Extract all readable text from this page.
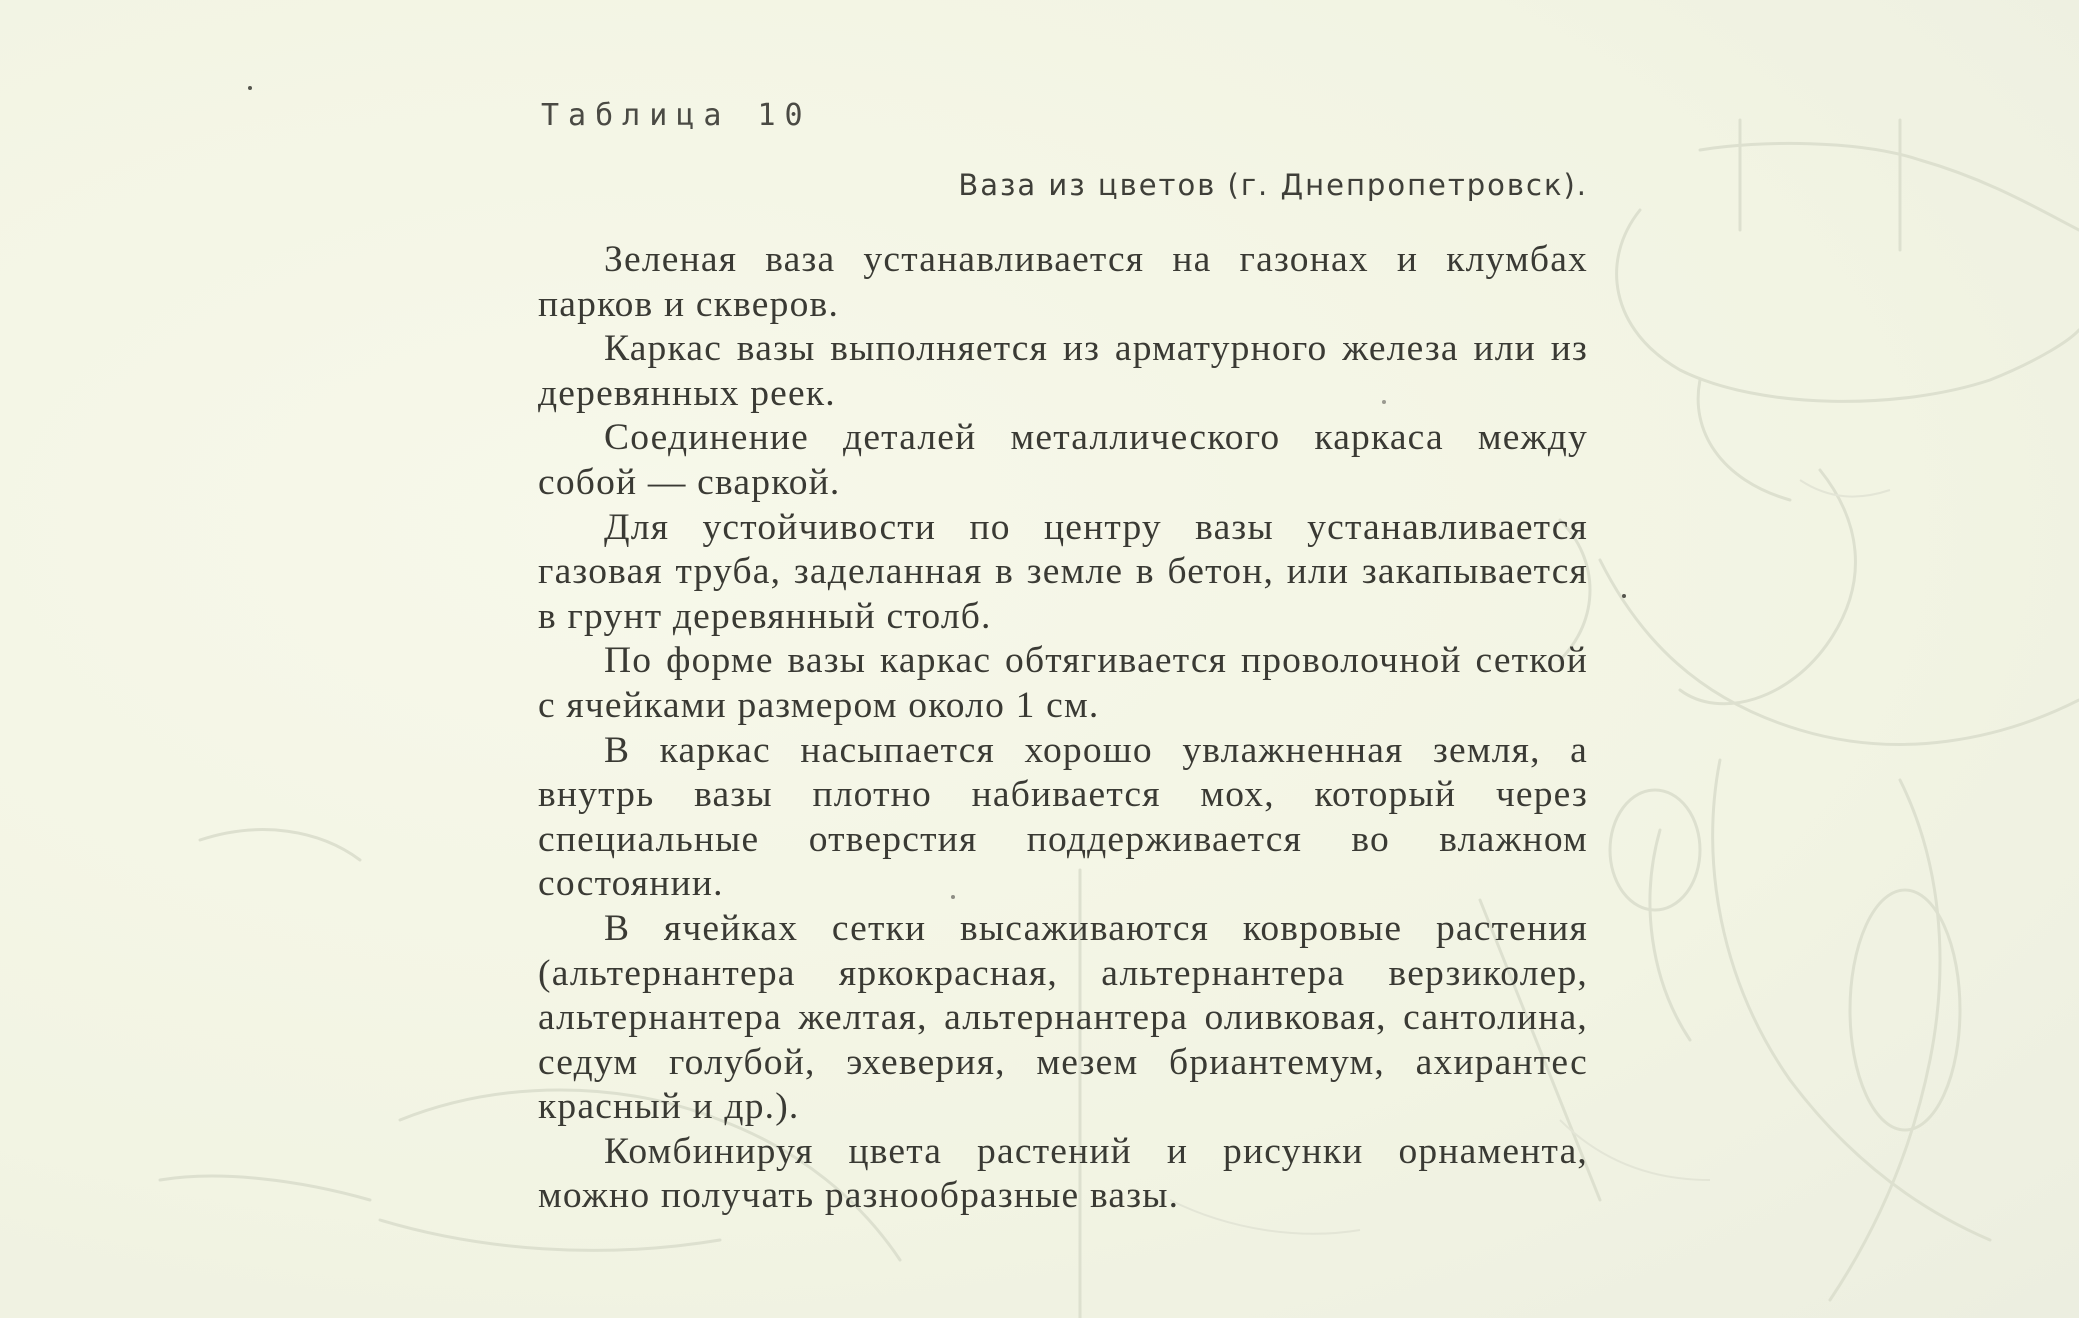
Таблица 10
Ваза из цветов (г. Днепропетровск).

Зеленая ваза устанавливается на газонах и клумбах парков и скверов.

Каркас вазы выполняется из арматурного железа или из деревянных реек.

Соединение деталей металлического каркаса между собой — сваркой.

Для устойчивости по центру вазы устанавливается газовая труба, заделанная в земле в бетон, или закапывается в грунт деревянный столб.

По форме вазы каркас обтягивается проволочной сеткой с ячейками размером около 1 см.

В каркас насыпается хорошо увлажненная земля, а внутрь вазы плотно набивается мох, который через специальные отверстия поддерживается во влажном состоянии.

В ячейках сетки высаживаются ковровые растения (альтернантера яркокрасная, альтернантера верзиколер, альтернантера желтая, альтернантера оливковая, сантолина, седум голубой, эхеверия, мезем бриантемум, ахирантес красный и др.).

Комбинируя цвета растений и рисунки орнамента, можно получать разнообразные вазы.
